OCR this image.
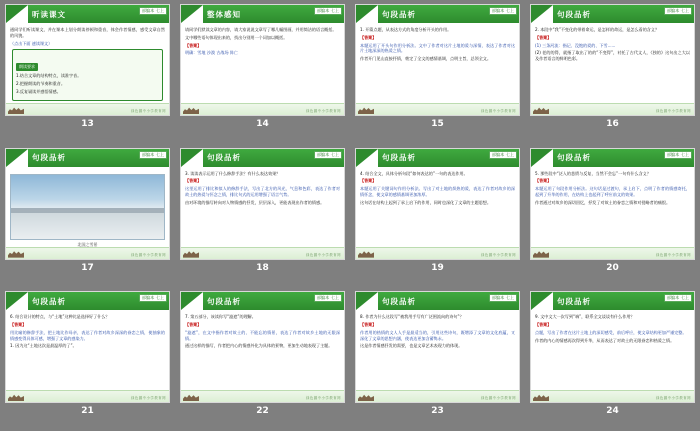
听读课文	部编本 七上

通同学们听读课文，并在课本上划分朗读停顿和重音，体会作者情感，感受文章自然的风貌。

（点击下面 速读课文）

朗读要求

1.结合文章的结构特点，读准字音。

2.把握朗读的节奏和重音。

3.反复诵读并感悟情感。

绿色圃中小学教育网
13
整体感知	部编本 七上

请同学们默读文章的内容，请大家说说文章写了哪几幅图画，并用简洁的语言概括。

文中哪些语句体现出来的，找出分别用一个词加以概括。

【答案】

明确：雪地 沙漠 古战场 阵亡

绿色圃中小学教育网
14
句段品析	部编本 七上

1. 开篇点题，从表达方式的角度分析开头的作用。

【答案】

本题运用了开头句作用分析法。文中了作者对这片土地的爱与深情，表达了作者对这片土地深深的热爱之情。

作者开门见山直接抒情，奠定了全文的感情基调，点明主旨，总领全文。

绿色圃中小学教育网
15
句段品析	部编本 七上

2. 本段中“我”不变化的带着命运，是怎样的命运，是怎么看的含义？

【答案】

(1) 三条河流：指记、没饱的爱的、下雪......

(2) 老的的得，就指了取出了的的“不变得”，衬托了古代文人，《独的》这句出之大以及作者语言的鲜明色彩。

绿色圃中小学教育网
16
句段品析	部编本 七上
北国之雪景
绿色圃中小学教育网
17
句段品析	部编本 七上

3. 读读表示运用了什么修辞手法？有什么表达效果？

【答案】

这里运用了排比和拟人的修辞手法，写出了北方的风光、气息和色彩，表达了作者对故土的热爱与怀念之情，排比句式的运用增强了语言气势。

由对环境的描写转向对人物情感的抒发，层层深入，更能表现出作者的情感。

绿色圃中小学教育网
18
句段品析	部编本 七上

4. 结合全文，具体分析句段“如何表达的”一句的表达作用。

【答案】

本题运用了关键词句作用分析法。写出了对土地的炽热的爱，表达了作者对故乡的深情怀念，使文章的感情基调更加浓厚。

这句话在结构上起到了承上启下的作用，同时也深化了文章的主题思想。

绿色圃中小学教育网
19
句段品析	部编本 七上

5. 那些段中“泛入的悲愤与反复，当然不会忘”一句有什么含义？

【答案】

本题运用了句段作用分析法。这句话是过渡句，承上启下，点明了作者的情感寄托，起到了升华的作用，在结构上也起到了呼应前文的效果。

作者通过对故乡的深切回忆，抒发了对故土的眷恋之情和对侵略者的痛恨。

绿色圃中小学教育网
20
句段品析	部编本 七上

6. 结合设计的特点，与“土地”这种比是选择好了什么？

【答案】

用比喻的修辞手法，把土地比作母亲，表达了作者对故乡深深的眷恋之情，使抽象的情感变得具体可感，增强了文章的感染力。

1. 因为这“土地这次是最温厚的了”。

绿色圃中小学教育网
21
句段品析	部编本 七上

7. 第五部分，该读你写“滤遮”的理解。

【答案】

“滤遮”，在文中指作者对故土的、不能忘的情景，表达了作者对故乡土地的无限深情。

通过这样的描写，作者把内心的情感外化为具体的景物，更加生动地表现了主题。

绿色圃中小学教育网
22
句段品析	部编本 七上

8. 作者为什么这段写“被我用手写有广泛围流向的诗句”？

【答案】

作者用的热情的文人人手是最适当的，引用这些诗句，既增添了文章的文化底蕴，又深化了文章的思想内涵，使表达更加含蓄隽永。

这是作者情感抒发的需要，也是文章艺术表现力的体现。

绿色圃中小学教育网
23
句段品析	部编本 七上

9. 文中文大一次写到“端”，联系全文谈谈有什么作用？

【答案】

点题，写出了作者在这片土地上的深切感受，前后呼应，使文章结构更加严谨完整。

作者的内心的情感再次得到升华，从而表达了对故土的无限眷恋和热爱之情。

绿色圃中小学教育网
24
